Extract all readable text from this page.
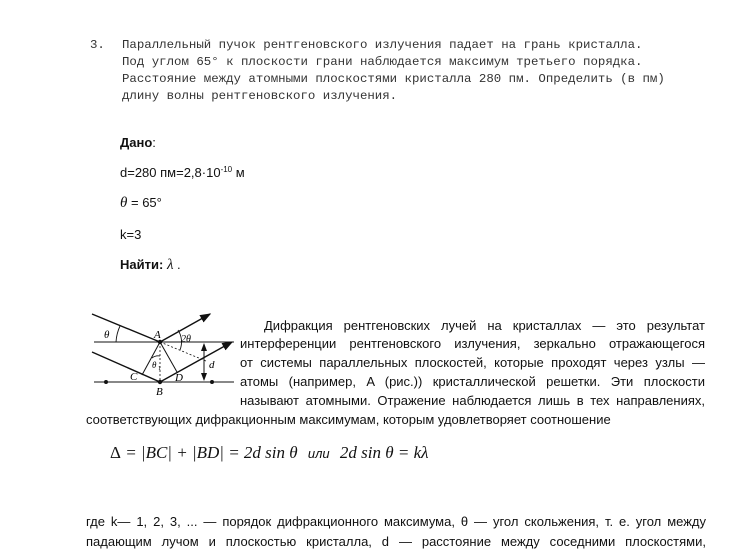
3. Параллельный пучок рентгеновского излучения падает на грань кристалла.
Под углом 65° к плоскости грани наблюдается максимум третьего порядка.
Расстояние между атомными плоскостями кристалла 280 пм. Определить (в пм)
длину волны рентгеновского излучения.
Дано:
d=280 $пм=2,8\cdot 10^{-10}$ м
θ = 65°
k=3
Найти: λ .
A
B
C	D
d
θ	2θ
θ 1
Дифракция рентгеновских лучей на кристаллах — это результат
интерференции рентгеновского излучения, зеркально отражающегося
от системы параллельных плоскостей, которые проходят через узлы —
атомы (например, A (рис.)) кристаллической решетки. Эти плоскости
называют атомными. Отражение наблюдается лишь в тех направлениях,
соответствующих дифракционным максимумам, которым удовлетворяет соотношение
Δ = |BC| + |BD| = 2d sin θ или 2d sin θ = kλ
где k— 1, 2, 3, ... — порядок дифракционного максимума, θ — угол скольжения, т. е. угол между
падающим лучом и плоскостью кристалла, d — расстояние между соседними плоскостями,
